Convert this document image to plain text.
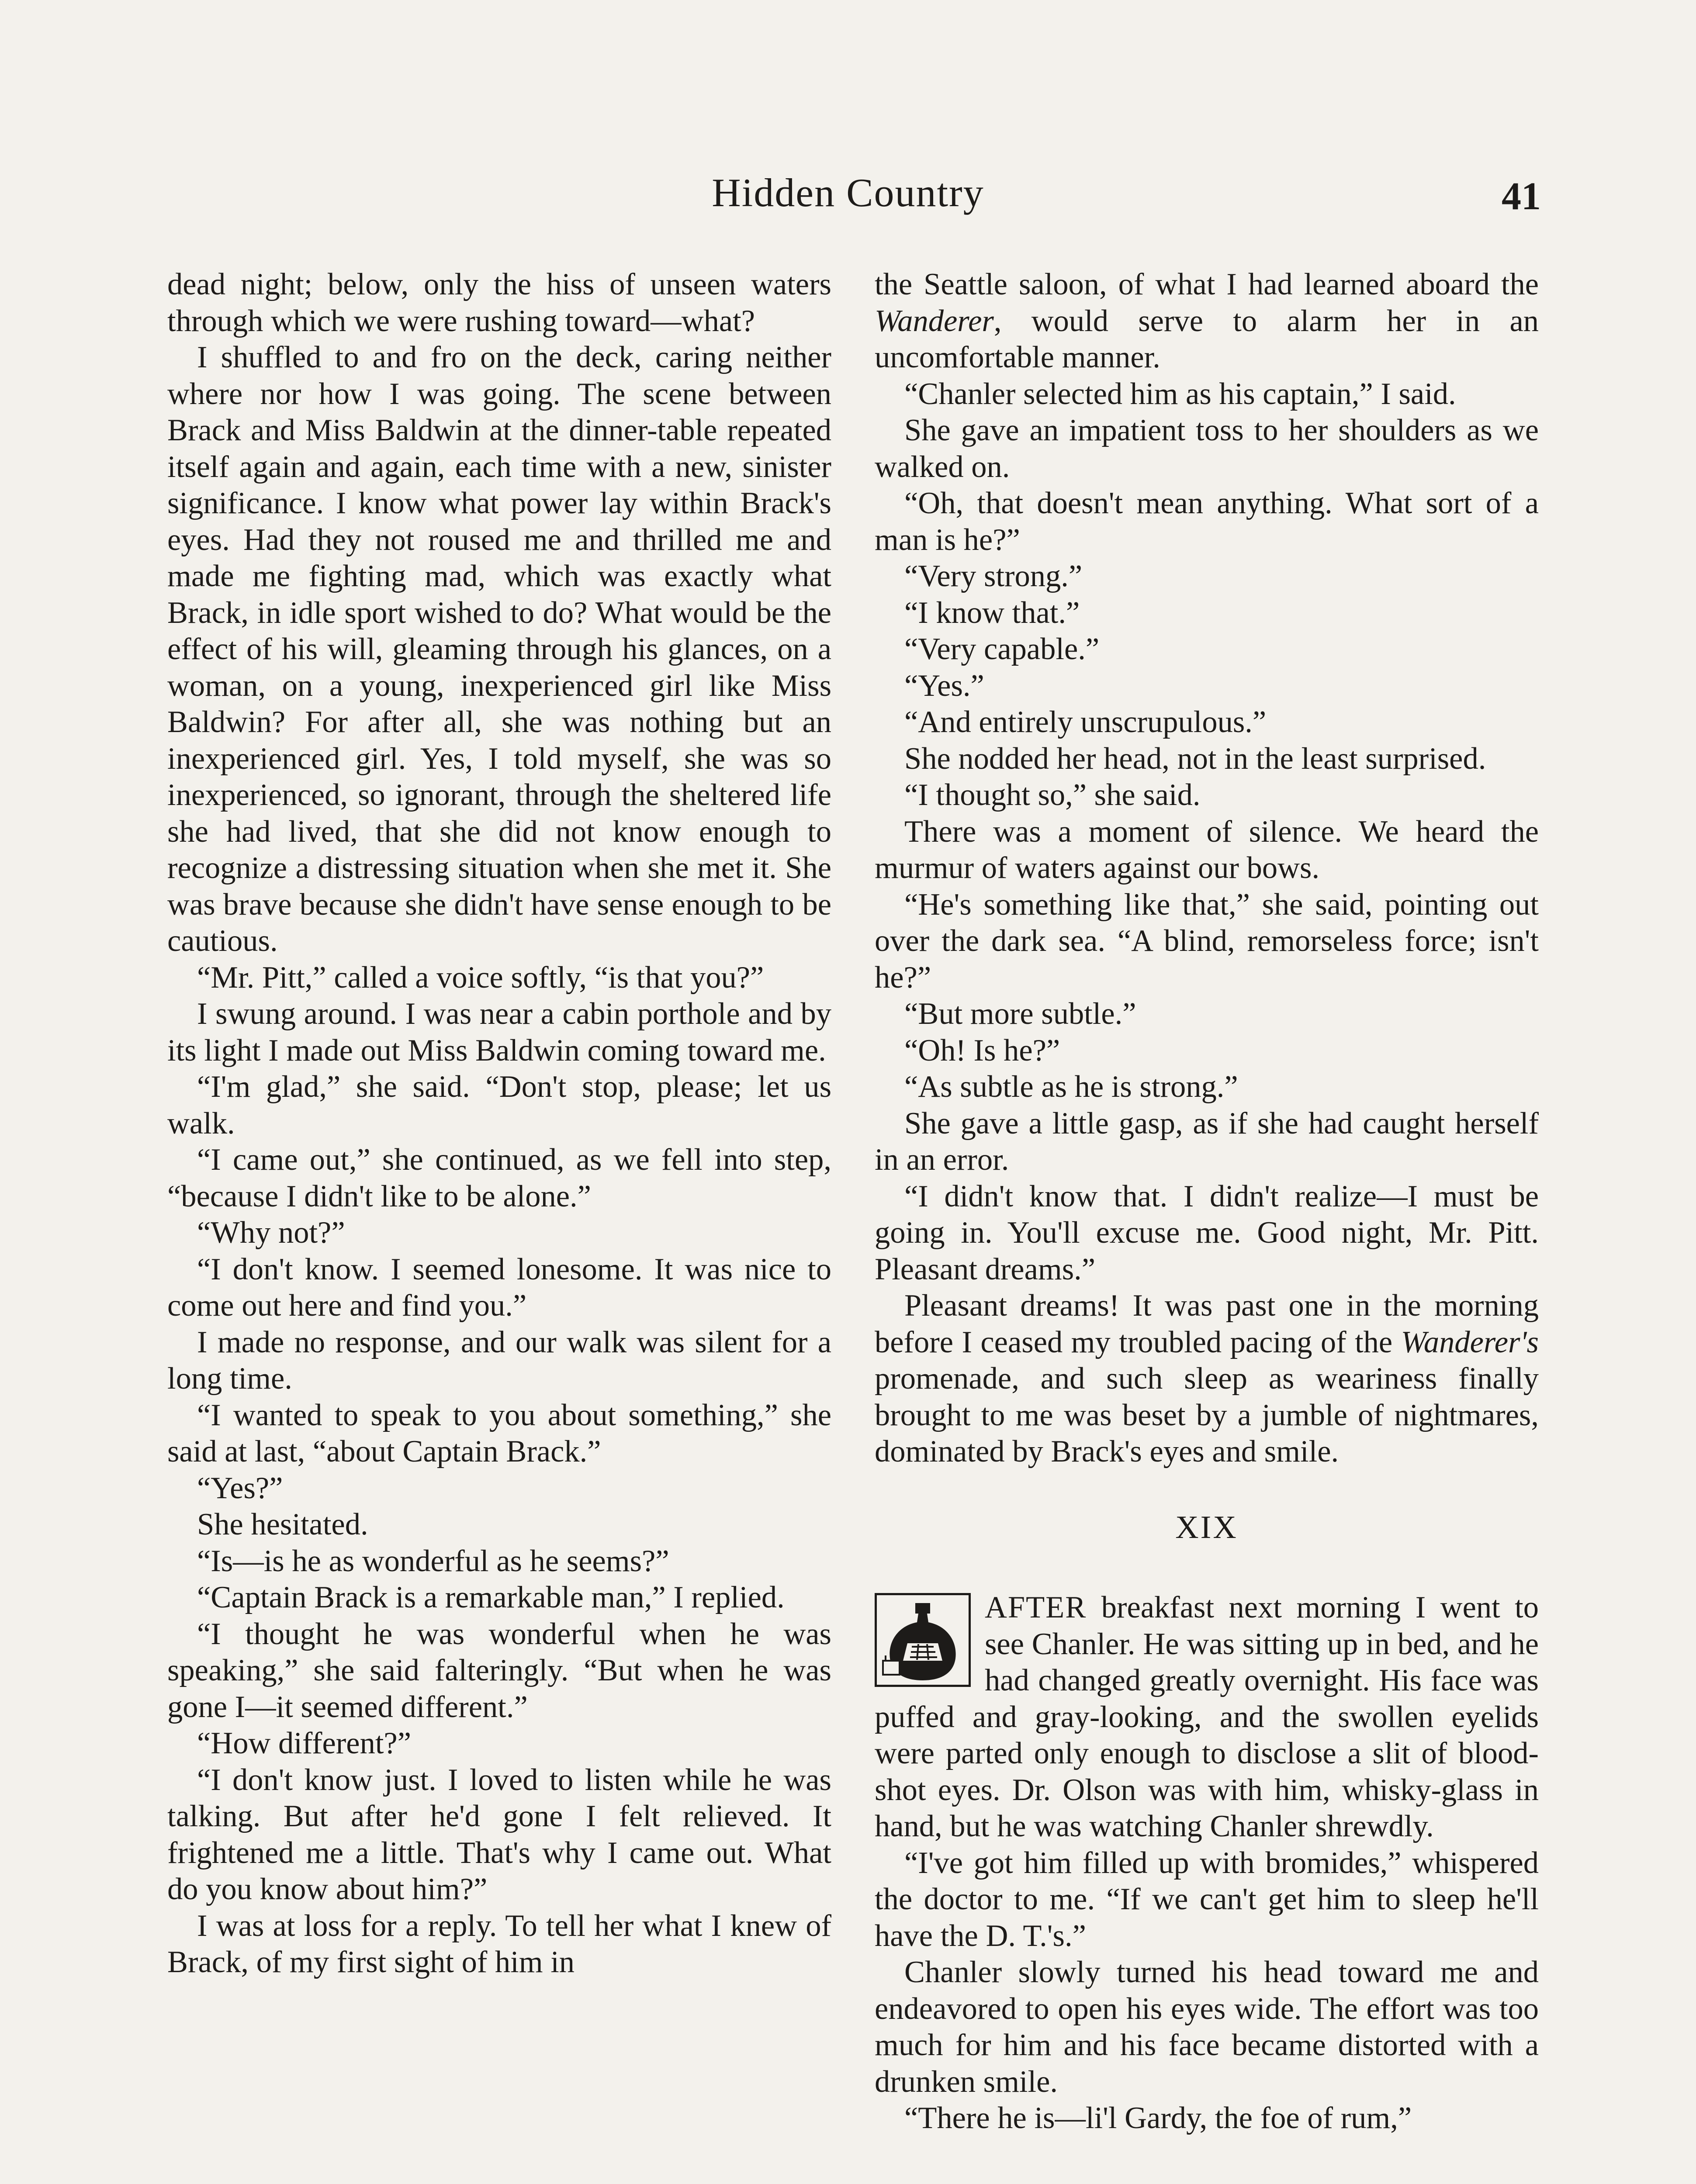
Hidden Country	41

dead night; below, only the hiss of unseen waters through which we were rushing toward—what?

I shuffled to and fro on the deck, caring neither where nor how I was going. The scene between Brack and Miss Baldwin at the dinner-table repeated itself again and again, each time with a new, sinister significance. I know what power lay within Brack's eyes. Had they not roused me and thrilled me and made me fighting mad, which was exactly what Brack, in idle sport wished to do? What would be the effect of his will, gleaming through his glances, on a woman, on a young, inexperienced girl like Miss Baldwin? For after all, she was nothing but an inexperienced girl. Yes, I told myself, she was so inexperienced, so ignorant, through the sheltered life she had lived, that she did not know enough to recognize a distressing situation when she met it. She was brave because she didn't have sense enough to be cautious.

“Mr. Pitt,” called a voice softly, “is that you?”

I swung around. I was near a cabin porthole and by its light I made out Miss Baldwin coming toward me.

“I'm glad,” she said. “Don't stop, please; let us walk.

“I came out,” she continued, as we fell into step, “because I didn't like to be alone.”

“Why not?”

“I don't know. I seemed lonesome. It was nice to come out here and find you.”

I made no response, and our walk was silent for a long time.

“I wanted to speak to you about something,” she said at last, “about Captain Brack.”

“Yes?”

She hesitated.

“Is—is he as wonderful as he seems?”

“Captain Brack is a remarkable man,” I replied.

“I thought he was wonderful when he was speaking,” she said falteringly. “But when he was gone I—it seemed different.”

“How different?”

“I don't know just. I loved to listen while he was talking. But after he'd gone I felt relieved. It frightened me a little. That's why I came out. What do you know about him?”

I was at loss for a reply. To tell her what I knew of Brack, of my first sight of him in

the Seattle saloon, of what I had learned aboard the Wanderer, would serve to alarm her in an uncomfortable manner.

“Chanler selected him as his captain,” I said.

She gave an impatient toss to her shoulders as we walked on.

“Oh, that doesn't mean anything. What sort of a man is he?”

“Very strong.”

“I know that.”

“Very capable.”

“Yes.”

“And entirely unscrupulous.”

She nodded her head, not in the least surprised.

“I thought so,” she said.

There was a moment of silence. We heard the murmur of waters against our bows.

“He's something like that,” she said, pointing out over the dark sea. “A blind, remorseless force; isn't he?”

“But more subtle.”

“Oh! Is he?”

“As subtle as he is strong.”

She gave a little gasp, as if she had caught herself in an error.

“I didn't know that. I didn't realize—I must be going in. You'll excuse me. Good night, Mr. Pitt. Pleasant dreams.”

Pleasant dreams! It was past one in the morning before I ceased my troubled pacing of the Wanderer's promenade, and such sleep as weariness finally brought to me was beset by a jumble of nightmares, dominated by Brack's eyes and smile.

XIX

AFTER breakfast next morning I went to see Chanler. He was sitting up in bed, and he had changed greatly overnight. His face was puffed and gray-looking, and the swollen eyelids were parted only enough to disclose a slit of blood-shot eyes. Dr. Olson was with him, whisky-glass in hand, but he was watching Chanler shrewdly.

“I've got him filled up with bromides,” whispered the doctor to me. “If we can't get him to sleep he'll have the D. T.'s.”

Chanler slowly turned his head toward me and endeavored to open his eyes wide. The effort was too much for him and his face became distorted with a drunken smile.

“There he is—li'l Gardy, the foe of rum,”
